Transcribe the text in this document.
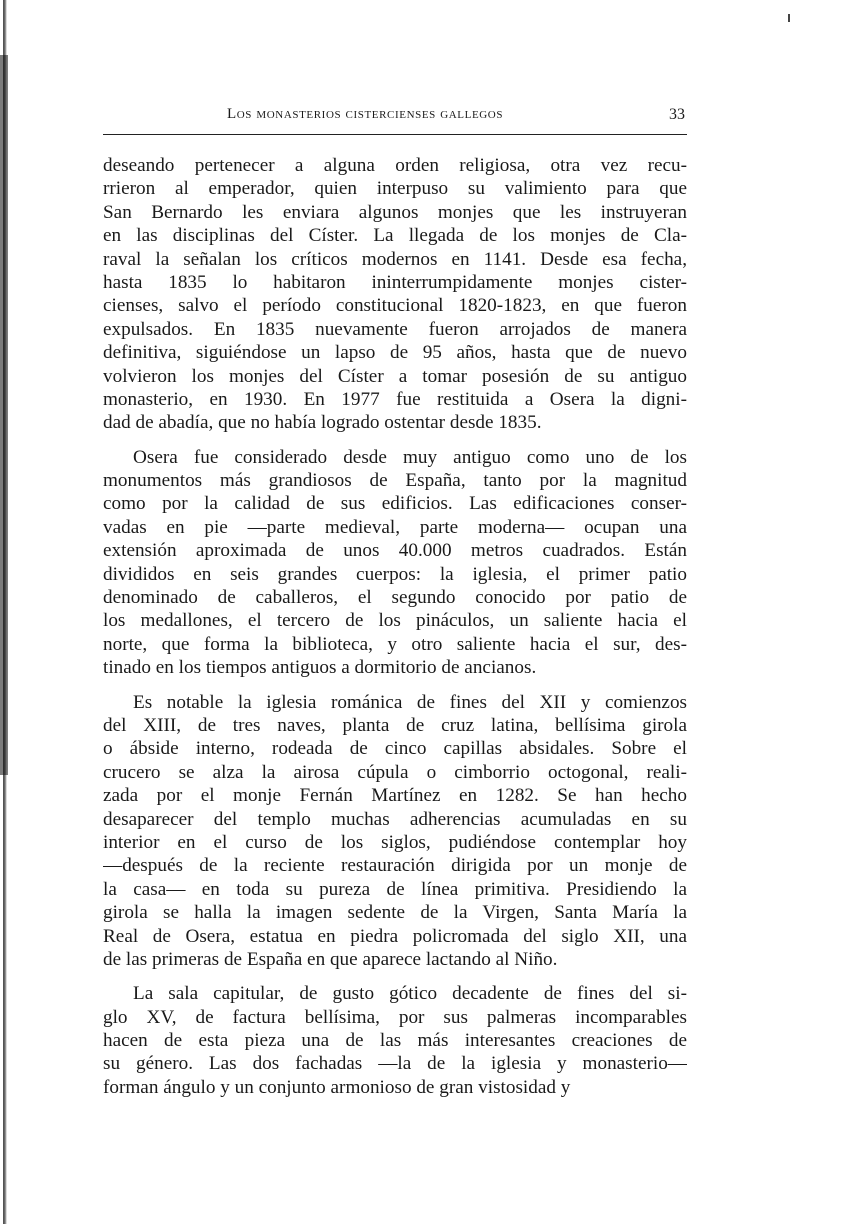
Los monasterios cistercienses gallegos	33
deseando pertenecer a alguna orden religiosa, otra vez recu-
rrieron al emperador, quien interpuso su valimiento para que
San Bernardo les enviara algunos monjes que les instruyeran
en las disciplinas del Císter. La llegada de los monjes de Cla-
raval la señalan los críticos modernos en 1141. Desde esa fecha,
hasta 1835 lo habitaron ininterrumpidamente monjes cister-
cienses, salvo el período constitucional 1820-1823, en que fueron
expulsados. En 1835 nuevamente fueron arrojados de manera
definitiva, siguiéndose un lapso de 95 años, hasta que de nuevo
volvieron los monjes del Císter a tomar posesión de su antiguo
monasterio, en 1930. En 1977 fue restituida a Osera la digni-
dad de abadía, que no había logrado ostentar desde 1835.
Osera fue considerado desde muy antiguo como uno de los
monumentos más grandiosos de España, tanto por la magnitud
como por la calidad de sus edificios. Las edificaciones conser-
vadas en pie —parte medieval, parte moderna— ocupan una
extensión aproximada de unos 40.000 metros cuadrados. Están
divididos en seis grandes cuerpos: la iglesia, el primer patio
denominado de caballeros, el segundo conocido por patio de
los medallones, el tercero de los pináculos, un saliente hacia el
norte, que forma la biblioteca, y otro saliente hacia el sur, des-
tinado en los tiempos antiguos a dormitorio de ancianos.
Es notable la iglesia románica de fines del XII y comienzos
del XIII, de tres naves, planta de cruz latina, bellísima girola
o ábside interno, rodeada de cinco capillas absidales. Sobre el
crucero se alza la airosa cúpula o cimborrio octogonal, reali-
zada por el monje Fernán Martínez en 1282. Se han hecho
desaparecer del templo muchas adherencias acumuladas en su
interior en el curso de los siglos, pudiéndose contemplar hoy
—después de la reciente restauración dirigida por un monje de
la casa— en toda su pureza de línea primitiva. Presidiendo la
girola se halla la imagen sedente de la Virgen, Santa María la
Real de Osera, estatua en piedra policromada del siglo XII, una
de las primeras de España en que aparece lactando al Niño.
La sala capitular, de gusto gótico decadente de fines del si-
glo XV, de factura bellísima, por sus palmeras incomparables
hacen de esta pieza una de las más interesantes creaciones de
su género. Las dos fachadas —la de la iglesia y monasterio—
forman ángulo y un conjunto armonioso de gran vistosidad y
